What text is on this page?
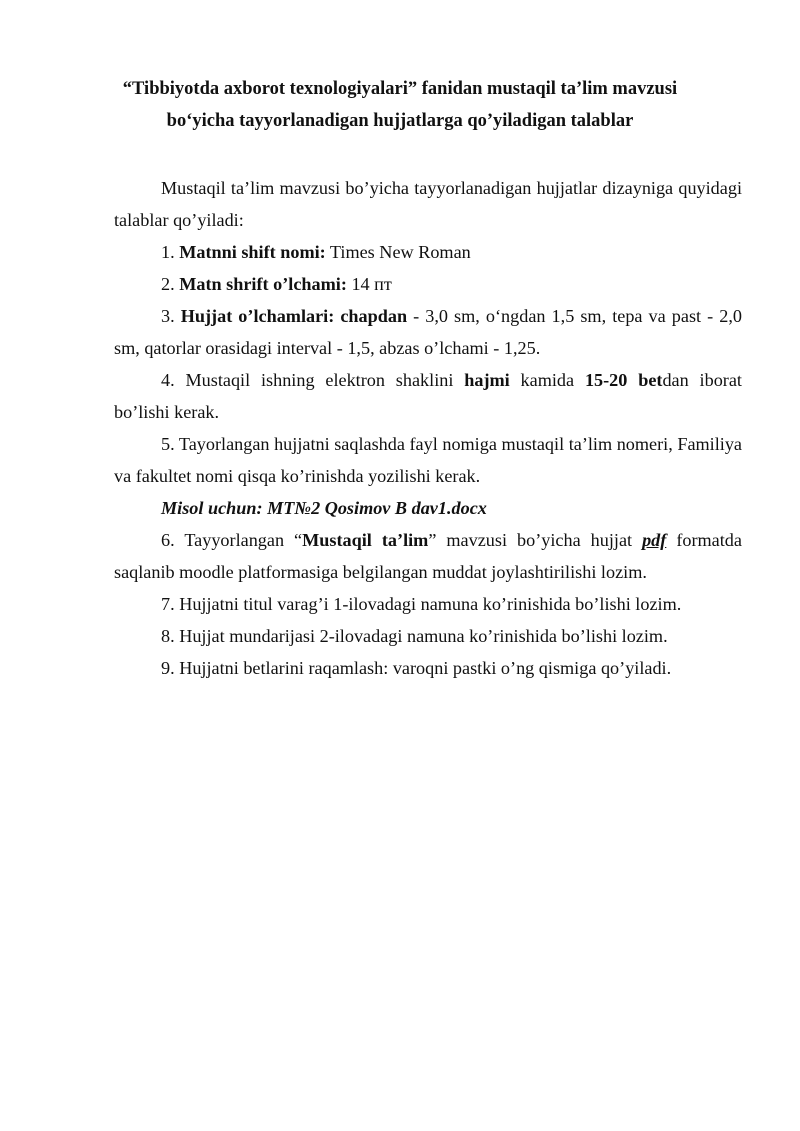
“Tibbiyotda axborot texnologiyalari” fanidan mustaqil ta’lim mavzusi
bo‘yicha tayyorlanadigan hujjatlarga qo’yiladigan talablar

Mustaqil ta’lim mavzusi bo’yicha tayyorlanadigan hujjatlar dizayniga quyidagi talablar qo’yiladi:

1. Matnni shift nomi: Times New Roman

2. Matn shrift o’lchami: 14 пт

3. Hujjat o’lchamlari: chapdan - 3,0 sm, o‘ngdan 1,5 sm, tepa va past - 2,0 sm, qatorlar orasidagi interval - 1,5, abzas o’lchami - 1,25.

4. Mustaqil ishning elektron shaklini hajmi kamida 15-20 betdan iborat bo’lishi kerak.

5. Tayorlangan hujjatni saqlashda fayl nomiga mustaqil ta’lim nomeri, Familiya va fakultet nomi qisqa ko’rinishda yozilishi kerak.

Misol uchun: MT№2 Qosimov B dav1.docx

6. Tayyorlangan “Mustaqil ta’lim” mavzusi bo’yicha hujjat pdf formatda saqlanib moodle platformasiga belgilangan muddat joylashtirilishi lozim.

7. Hujjatni titul varag’i 1-ilovadagi namuna ko’rinishida bo’lishi lozim.

8. Hujjat mundarijasi 2-ilovadagi namuna ko’rinishida bo’lishi lozim.

9. Hujjatni betlarini raqamlash: varoqni pastki o’ng qismiga qo’yiladi.
